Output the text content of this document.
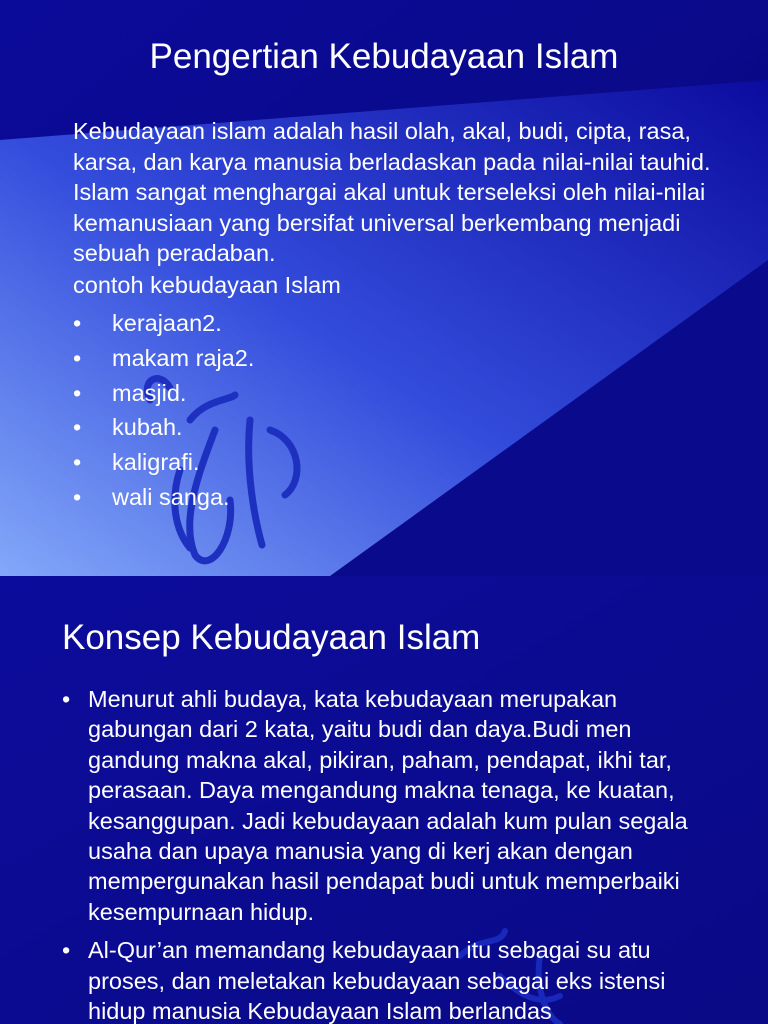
Pengertian Kebudayaan Islam

Kebudayaan islam adalah hasil olah, akal, budi, cipta, rasa, karsa, dan karya manusia berladaskan pada nilai-nilai tauhid. Islam sangat menghargai akal untuk terseleksi oleh nilai-nilai kemanusiaan yang bersifat universal berkembang menjadi sebuah peradaban.

contoh kebudayaan Islam
•	kerajaan2.
•	makam raja2.
•	masjid.
•	kubah.
•	kaligrafi.
•	wali sanga.
Konsep Kebudayaan Islam
• Menurut ahli budaya, kata kebudayaan merupakan gabungan dari 2 kata, yaitu budi dan daya.Budi men gandung makna akal, pikiran, paham, pendapat, ikhi tar, perasaan. Daya mengandung makna tenaga, ke kuatan, kesanggupan. Jadi kebudayaan adalah kum pulan segala usaha dan upaya manusia yang di kerj akan dengan mempergunakan hasil pendapat budi untuk memperbaiki kesempurnaan hidup.
• Al-Qur’an memandang kebudayaan itu sebagai su atu proses, dan meletakan kebudayaan sebagai eks istensi hidup manusia Kebudayaan Islam berlandas
